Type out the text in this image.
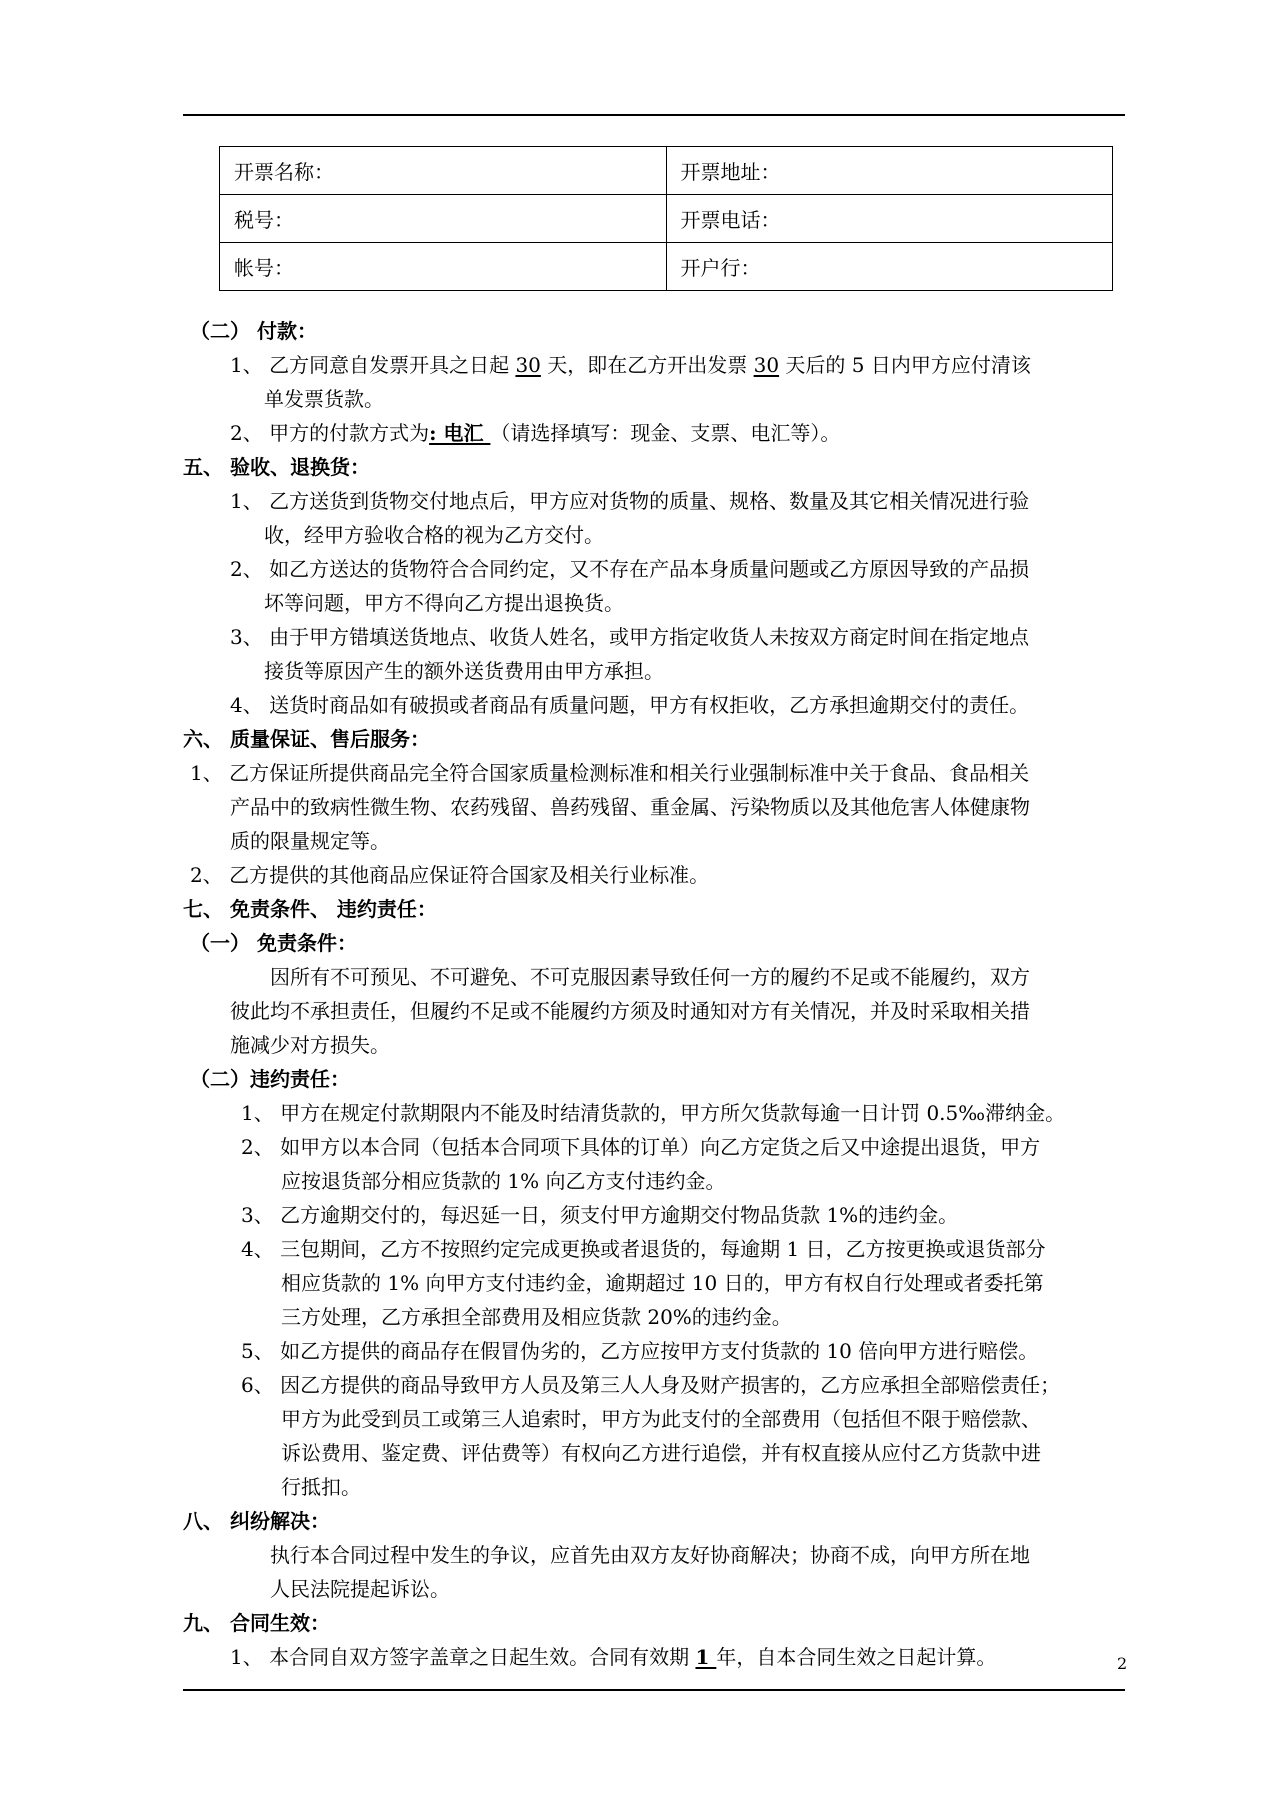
开票名称：	开票地址：
税号：	开票电话：
帐号：	开户行：
（二） 付款：
1、 乙方同意自发票开具之日起 30 天，即在乙方开出发票 30 天后的 5 日内甲方应付清该
单发票货款。
2、 甲方的付款方式为: 电汇 （请选择填写：现金、支票、电汇等）。
五、 验收、退换货：
1、 乙方送货到货物交付地点后，甲方应对货物的质量、规格、数量及其它相关情况进行验
收，经甲方验收合格的视为乙方交付。
2、 如乙方送达的货物符合合同约定，又不存在产品本身质量问题或乙方原因导致的产品损
坏等问题，甲方不得向乙方提出退换货。
3、 由于甲方错填送货地点、收货人姓名，或甲方指定收货人未按双方商定时间在指定地点
接货等原因产生的额外送货费用由甲方承担。
4、 送货时商品如有破损或者商品有质量问题，甲方有权拒收，乙方承担逾期交付的责任。
六、 质量保证、售后服务：
1、 乙方保证所提供商品完全符合国家质量检测标准和相关行业强制标准中关于食品、食品相关
产品中的致病性微生物、农药残留、兽药残留、重金属、污染物质以及其他危害人体健康物
质的限量规定等。
2、 乙方提供的其他商品应保证符合国家及相关行业标准。
七、 免责条件、 违约责任：
（一） 免责条件：
因所有不可预见、不可避免、不可克服因素导致任何一方的履约不足或不能履约，双方
彼此均不承担责任，但履约不足或不能履约方须及时通知对方有关情况，并及时采取相关措
施减少对方损失。
（二）违约责任：
1、 甲方在规定付款期限内不能及时结清货款的，甲方所欠货款每逾一日计罚 0.5‰滞纳金。
2、 如甲方以本合同（包括本合同项下具体的订单）向乙方定货之后又中途提出退货，甲方
应按退货部分相应货款的 1% 向乙方支付违约金。
3、 乙方逾期交付的，每迟延一日，须支付甲方逾期交付物品货款 1%的违约金。
4、 三包期间，乙方不按照约定完成更换或者退货的，每逾期 1 日，乙方按更换或退货部分
相应货款的 1% 向甲方支付违约金，逾期超过 10 日的，甲方有权自行处理或者委托第
三方处理，乙方承担全部费用及相应货款 20%的违约金。
5、 如乙方提供的商品存在假冒伪劣的，乙方应按甲方支付货款的 10 倍向甲方进行赔偿。
6、 因乙方提供的商品导致甲方人员及第三人人身及财产损害的，乙方应承担全部赔偿责任；
甲方为此受到员工或第三人追索时，甲方为此支付的全部费用（包括但不限于赔偿款、
诉讼费用、鉴定费、评估费等）有权向乙方进行追偿，并有权直接从应付乙方货款中进
行抵扣。
八、 纠纷解决：
执行本合同过程中发生的争议，应首先由双方友好协商解决；协商不成，向甲方所在地
人民法院提起诉讼。
九、 合同生效：
1、 本合同自双方签字盖章之日起生效。合同有效期 1 年，自本合同生效之日起计算。	2
